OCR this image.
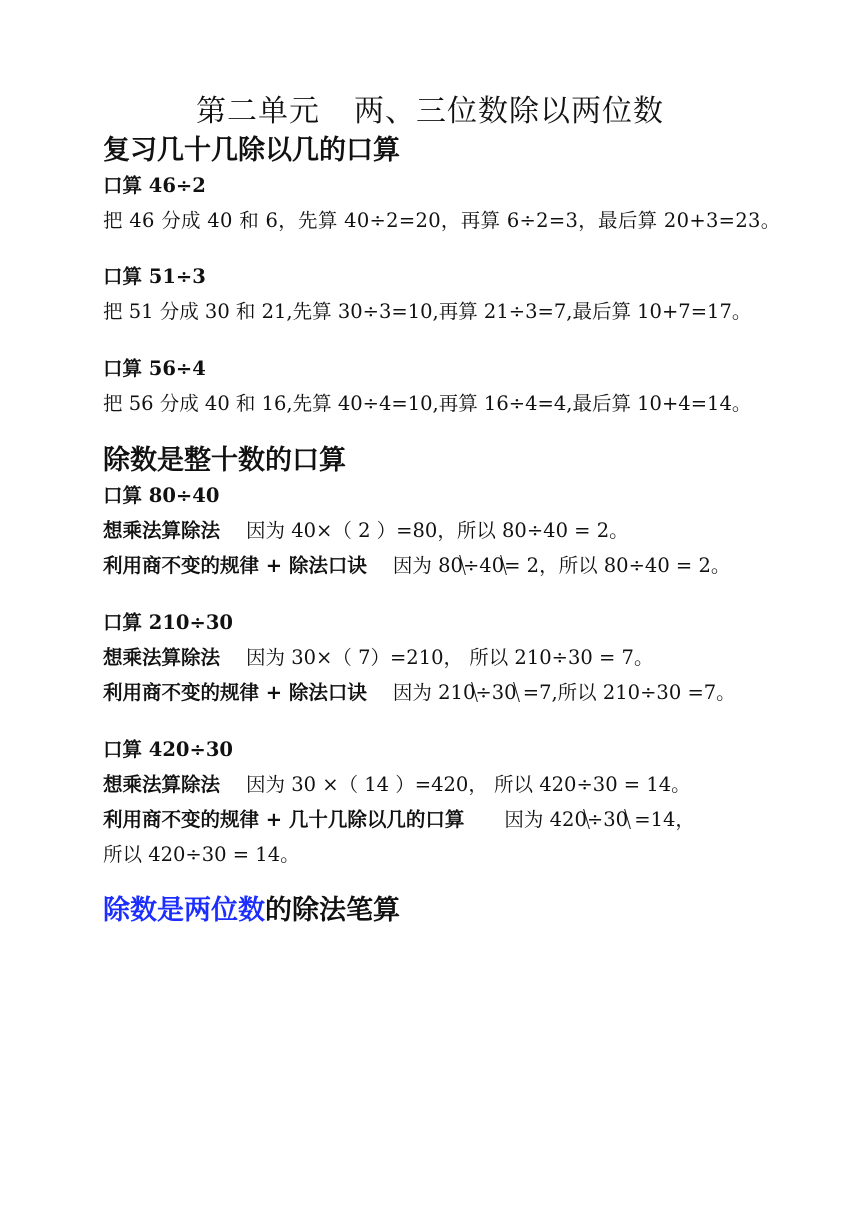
第二单元 两、三位数除以两位数
复习几十几除以几的口算
口算 46÷2
把 46 分成 40 和 6，先算 40÷2=20，再算 6÷2=3，最后算 20+3=23。
口算 51÷3
把 51 分成 30 和 21,先算 30÷3=10,再算 21÷3=7,最后算 10+7=17。
口算 56÷4
把 56 分成 40 和 16,先算 40÷4=10,再算 16÷4=4,最后算 10+4=14。
除数是整十数的口算
口算 80÷40
想乘法算除法 因为 40×（ 2 ）=80，所以 80÷40 = 2。
利用商不变的规律 + 除法口诀 因为 80÷40= 2，所以 80÷40 = 2。
口算 210÷30
想乘法算除法 因为 30×（ 7）=210， 所以 210÷30 = 7。
利用商不变的规律 + 除法口诀 因为 210÷30 =7,所以 210÷30 =7。
口算 420÷30
想乘法算除法 因为 30 ×（ 14 ）=420， 所以 420÷30 = 14。
利用商不变的规律 + 几十几除以几的口算 因为 420÷30 =14，
所以 420÷30 = 14。
除数是两位数的除法笔算
